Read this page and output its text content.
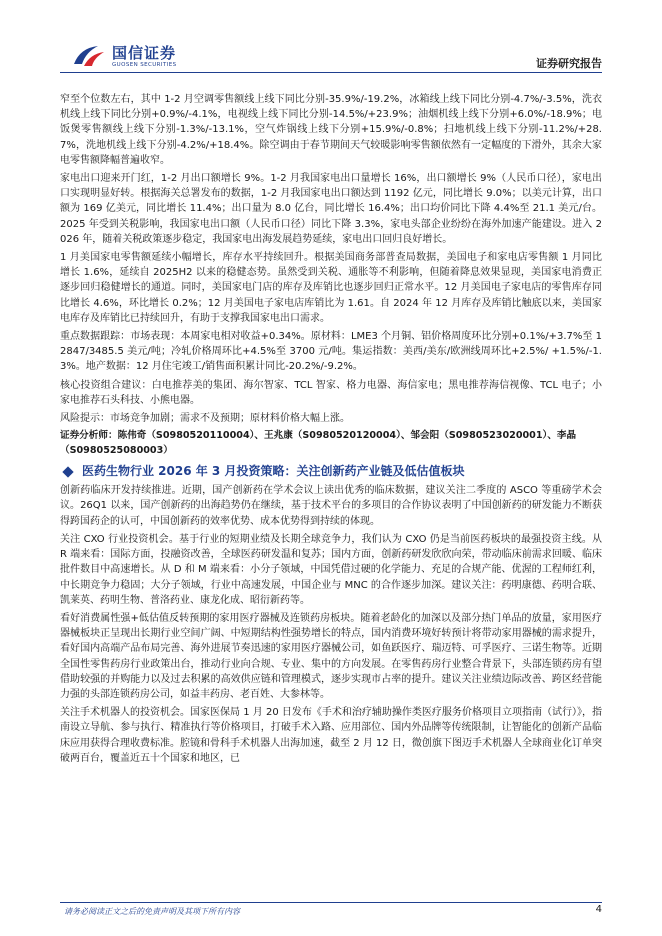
国信证券
GUOSEN SECURITIES	证券研究报告

窄至个位数左右，其中 1-2 月空调零售额线上线下同比分别-35.9%/-19.2%，冰箱线上线下同比分别-4.7%/-3.5%，洗衣机线上线下同比分别+0.9%/-4.1%，电视线上线下同比分别-14.5%/+23.9%；油烟机线上线下分别+6.0%/-18.9%；电饭煲零售额线上线下分别-1.3%/-13.1%，空气炸锅线上线下分别+15.9%/-0.8%；扫地机线上线下分别-11.2%/+28.7%，洗地机线上线下分别-4.2%/+18.4%。除空调由于春节期间天气较暖影响零售额依然有一定幅度的下滑外，其余大家电零售额降幅普遍收窄。

家电出口迎来开门红，1-2 月出口额增长 9%。1-2 月我国家电出口量增长 16%，出口额增长 9%（人民币口径），家电出口实现明显好转。根据海关总署发布的数据，1-2 月我国家电出口额达到 1192 亿元，同比增长 9.0%；以美元计算，出口额为 169 亿美元，同比增长 11.4%；出口量为 8.0 亿台，同比增长 16.4%；出口均价同比下降 4.4%至 21.1 美元/台。2025 年受到关税影响，我国家电出口额（人民币口径）同比下降 3.3%，家电头部企业纷纷在海外加速产能建设。进入 2026 年，随着关税政策逐步稳定，我国家电出海发展趋势延续，家电出口回归良好增长。

1 月美国家电零售额延续小幅增长，库存水平持续回升。根据美国商务部普查局数据，美国电子和家电店零售额 1 月同比增长 1.6%，延续自 2025H2 以来的稳健态势。虽然受到关税、通胀等不利影响，但随着降息效果显现，美国家电消费正逐步回归稳健增长的通道。同时，美国家电门店的库存及库销比也逐步回归正常水平。12 月美国电子家电店的零售库存同比增长 4.6%，环比增长 0.2%；12 月美国电子家电店库销比为 1.61。自 2024 年 12 月库存及库销比触底以来，美国家电库存及库销比已持续回升，有助于支撑我国家电出口需求。

重点数据跟踪：市场表现：本周家电相对收益+0.34%。原材料：LME3 个月铜、铝价格周度环比分别+0.1%/+3.7%至 12847/3485.5 美元/吨；冷轧价格周环比+4.5%至 3700 元/吨。集运指数：美西/美东/欧洲线周环比+2.5%/ +1.5%/-1.3%。地产数据：12 月住宅竣工/销售面积累计同比-20.2%/-9.2%。

核心投资组合建议：白电推荐美的集团、海尔智家、TCL 智家、格力电器、海信家电；黑电推荐海信视像、TCL 电子；小家电推荐石头科技、小熊电器。

风险提示：市场竞争加剧；需求不及预期；原材料价格大幅上涨。

证券分析师：陈伟奇（S0980520110004）、王兆康（S0980520120004）、邹会阳（S0980523020001）、李晶（S0980525080003）
医药生物行业 2026 年 3 月投资策略：关注创新药产业链及低估值板块

创新药临床开发持续推进。近期，国产创新药在学术会议上读出优秀的临床数据，建议关注二季度的 ASCO 等重磅学术会议。26Q1 以来，国产创新药的出海趋势仍在继续，基于技术平台的多项目的合作协议表明了中国创新药的研发能力不断获得跨国药企的认可，中国创新药的效率优势、成本优势得到持续的体现。

关注 CXO 行业投资机会。基于行业的短期业绩及长期全球竞争力，我们认为 CXO 仍是当前医药板块的最强投资主线。从 R 端来看：国际方面，投融资改善，全球医药研发温和复苏；国内方面，创新药研发欣欣向荣，带动临床前需求回暖、临床批件数目中高速增长。从 D 和 M 端来看：小分子领域，中国凭借过硬的化学能力、充足的合规产能、优渥的工程师红利，中长期竞争力稳固；大分子领域，行业中高速发展，中国企业与 MNC 的合作逐步加深。建议关注：药明康德、药明合联、凯莱英、药明生物、普洛药业、康龙化成、昭衍新药等。

看好消费属性强+低估值反转预期的家用医疗器械及连锁药房板块。随着老龄化的加深以及部分热门单品的放量，家用医疗器械板块正呈现出长期行业空间广阔、中短期结构性强势增长的特点，国内消费环境好转预计将带动家用器械的需求提升，看好国内高端产品布局完善、海外进展节奏迅速的家用医疗器械公司，如鱼跃医疗、瑞迈特、可孚医疗、三诺生物等。近期全国性零售药房行业政策出台，推动行业向合规、专业、集中的方向发展。在零售药房行业整合背景下，头部连锁药房有望借助较强的并购能力以及过去积累的高效供应链和管理模式，逐步实现市占率的提升。建议关注业绩边际改善、跨区经营能力强的头部连锁药房公司，如益丰药房、老百姓、大参林等。

关注手术机器人的投资机会。国家医保局 1 月 20 日发布《手术和治疗辅助操作类医疗服务价格项目立项指南（试行）》，指南设立导航、参与执行、精准执行等价格项目，打破手术入路、应用部位、国内外品牌等传统限制，让智能化的创新产品临床应用获得合理收费标准。腔镜和骨科手术机器人出海加速，截至 2 月 12 日，微创旗下图迈手术机器人全球商业化订单突破两百台，覆盖近五十个国家和地区，已

请务必阅读正文之后的免责声明及其项下所有内容	4
